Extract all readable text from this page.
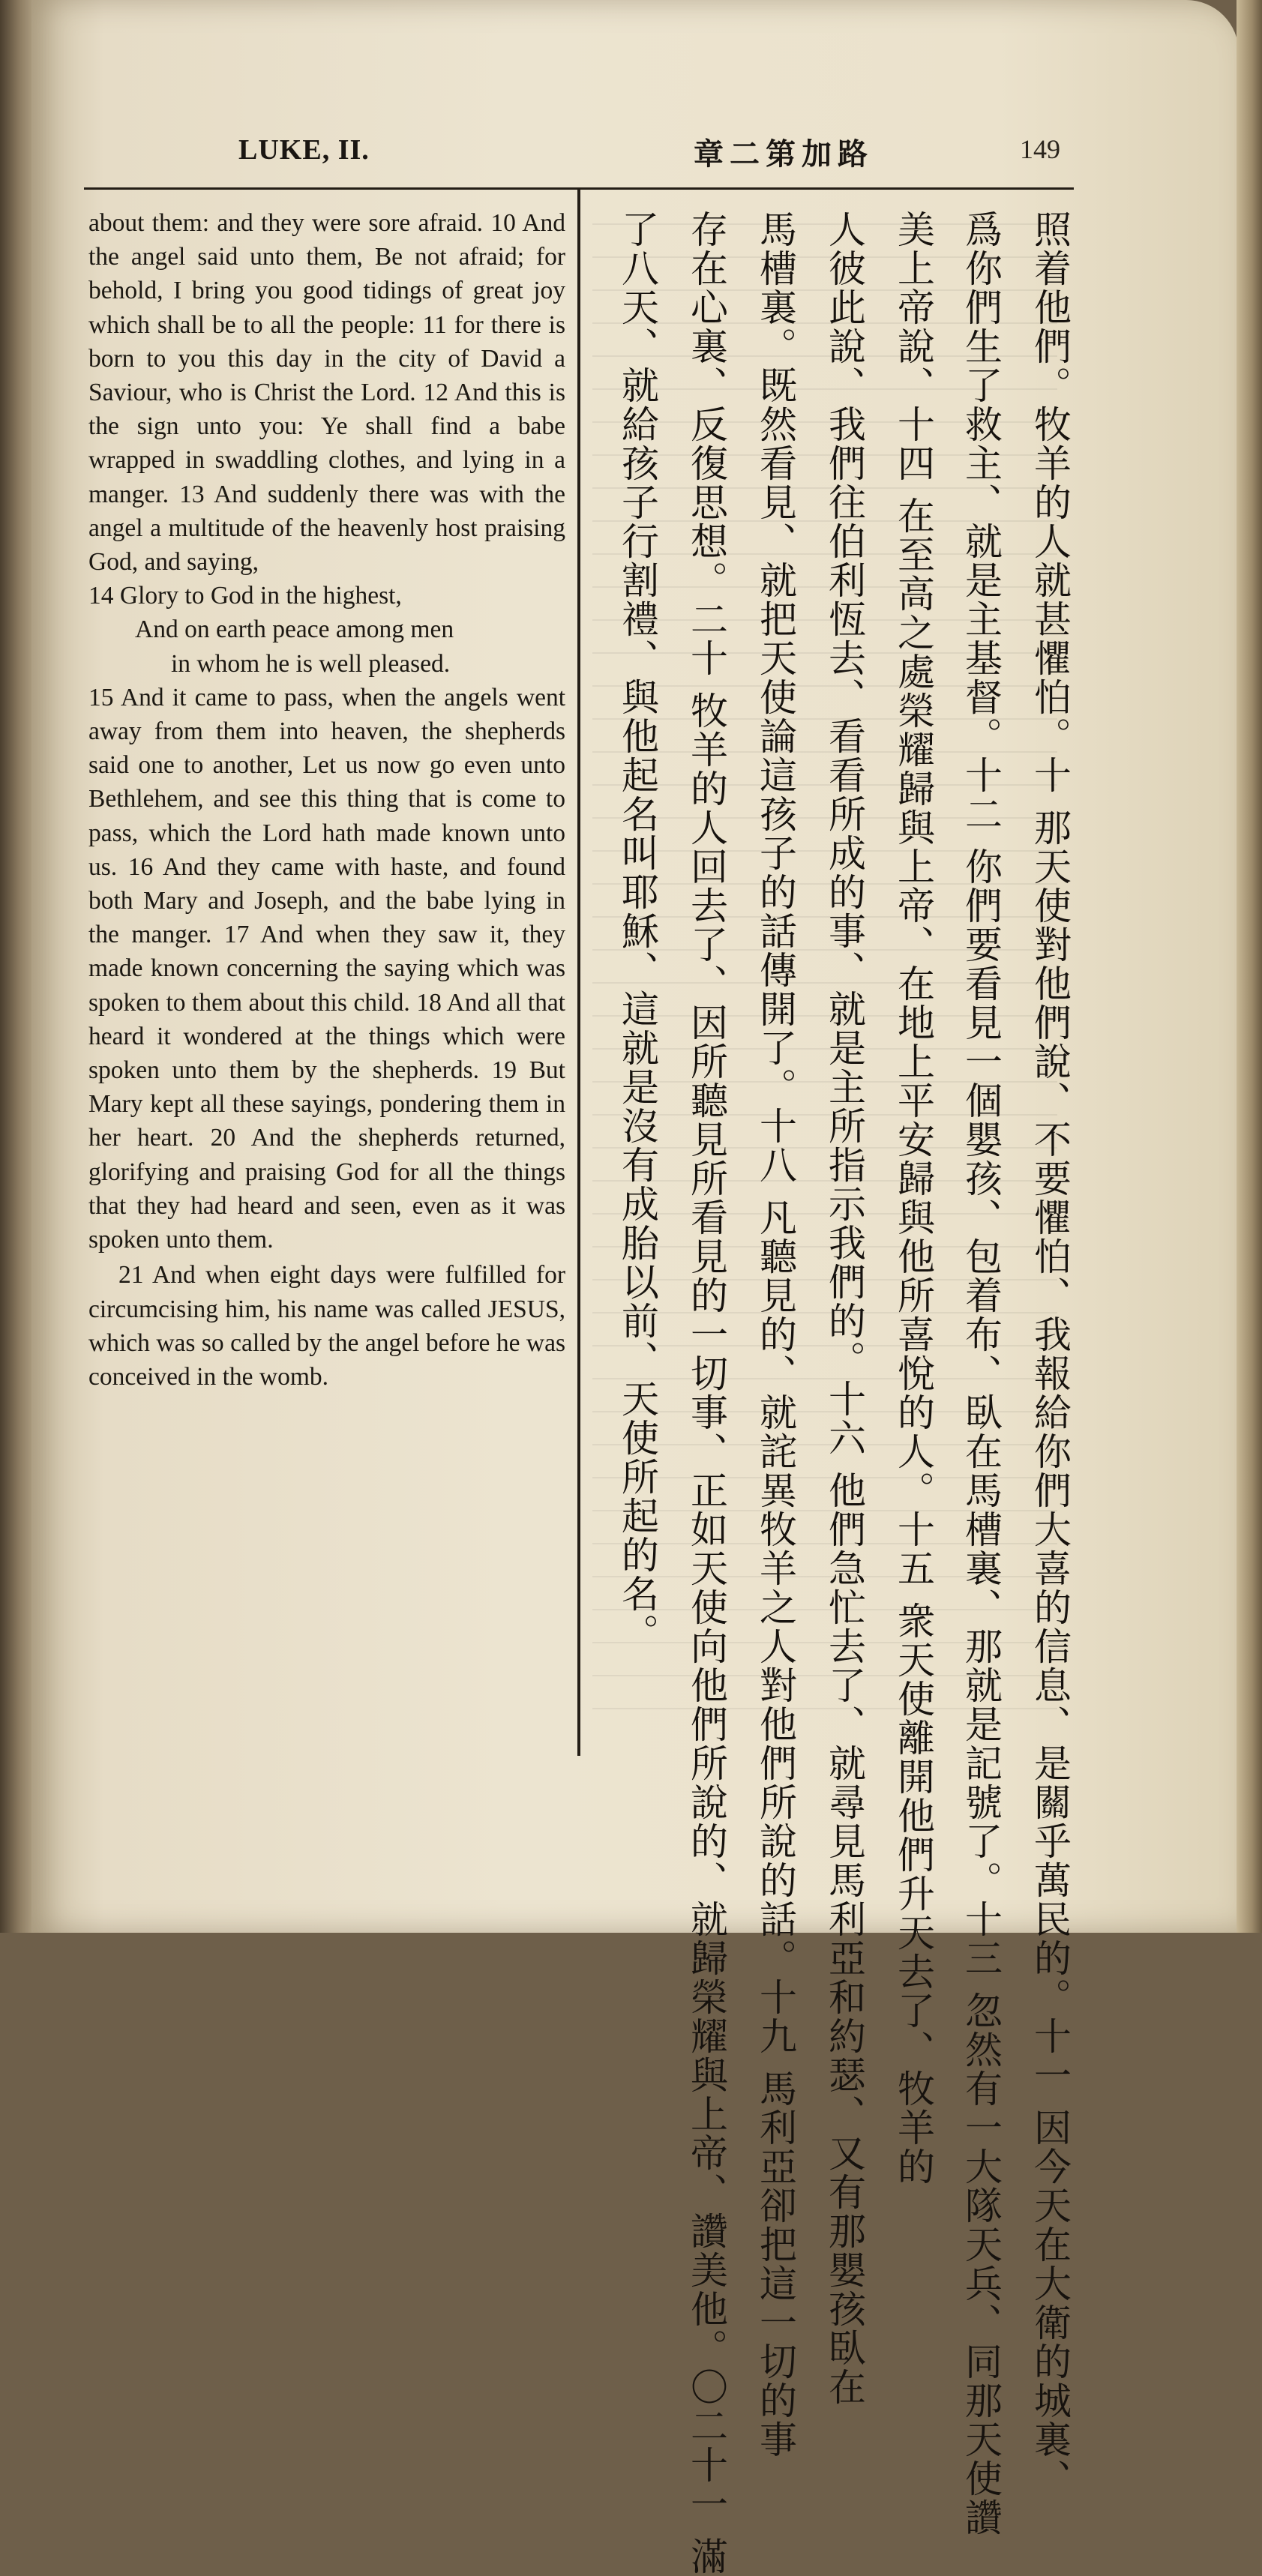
LUKE, II.	章二第加路	149

about them: and they were sore afraid. 10 And the angel said unto them, Be not afraid; for behold, I bring you good tidings of great joy which shall be to all the people: 11 for there is born to you this day in the city of David a Saviour, who is Christ the Lord. 12 And this is the sign unto you: Ye shall find a babe wrapped in swaddling clothes, and lying in a manger. 13 And suddenly there was with the angel a multitude of the heavenly host praising God, and saying,

14 Glory to God in the highest,

And on earth peace among men

in whom he is well pleased.

15 And it came to pass, when the angels went away from them into heaven, the shepherds said one to another, Let us now go even unto Bethlehem, and see this thing that is come to pass, which the Lord hath made known unto us. 16 And they came with haste, and found both Mary and Joseph, and the babe lying in the manger. 17 And when they saw it, they made known concerning the saying which was spoken to them about this child. 18 And all that heard it wondered at the things which were spoken unto them by the shepherds. 19 But Mary kept all these sayings, pondering them in her heart. 20 And the shepherds returned, glorifying and praising God for all the things that they had heard and seen, even as it was spoken unto them.

21 And when eight days were fulfilled for circumcising him, his name was called JESUS, which was so called by the angel before he was conceived in the womb.	照着他們。牧羊的人就甚懼怕。十 那天使對他們說、不要懼怕、我報給你們大喜的信息、是關乎萬民的。十一 因今天在大衛的城裏、
爲你們生了救主、就是主基督。十二 你們要看見一個嬰孩、包着布、臥在馬槽裏、那就是記號了。十三 忽然有一大隊天兵、同那天使讚
美上帝說、十四 在至高之處榮耀歸與上帝、在地上平安歸與他所喜悅的人。十五 衆天使離開他們升天去了、牧羊的
人彼此說、我們往伯利恆去、看看所成的事、就是主所指示我們的。十六 他們急忙去了、就尋見馬利亞和約瑟、又有那嬰孩臥在
馬槽裏。既然看見、就把天使論這孩子的話傳開了。十八 凡聽見的、就詫異牧羊之人對他們所說的話。十九 馬利亞卻把這一切的事
存在心裏、反復思想。二十 牧羊的人回去了、因所聽見所看見的一切事、正如天使向他們所說的、就歸榮耀與上帝、讚美他。〇二十一 滿
了八天、就給孩子行割禮、與他起名叫耶穌、這就是沒有成胎以前、天使所起的名。
